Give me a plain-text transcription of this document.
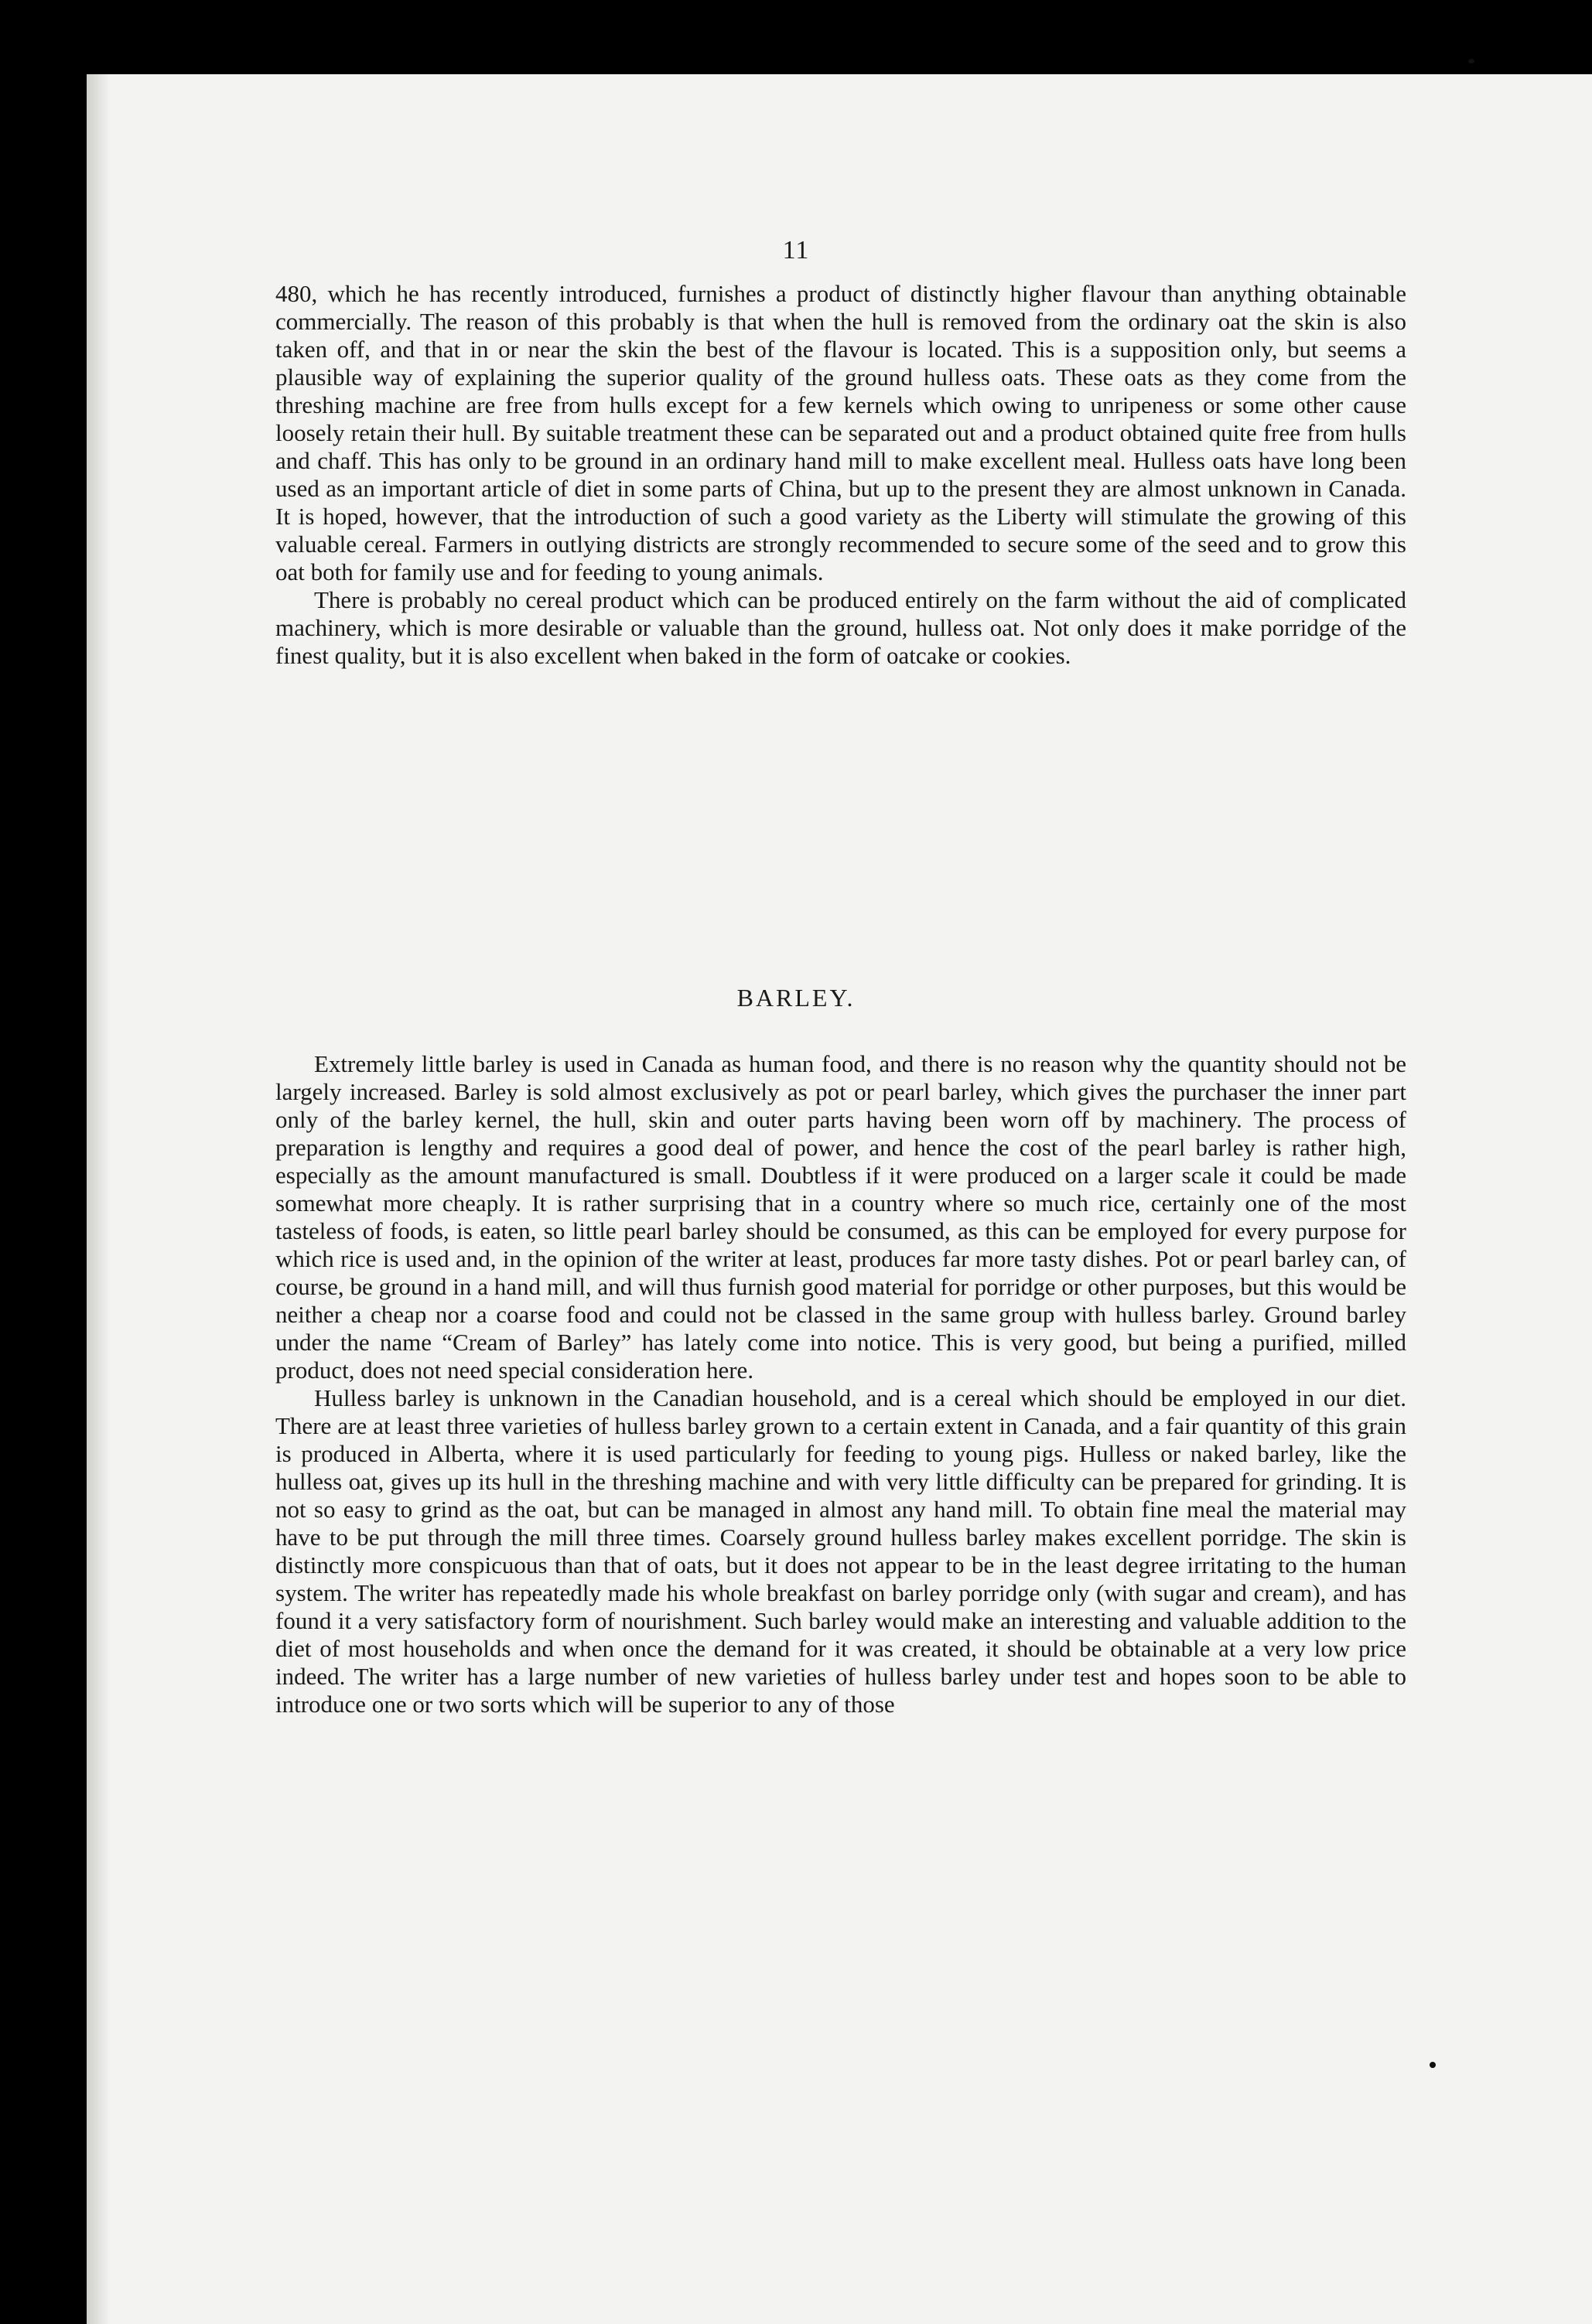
11

480, which he has recently introduced, furnishes a product of distinctly higher flavour than anything obtainable commercially. The reason of this probably is that when the hull is removed from the ordinary oat the skin is also taken off, and that in or near the skin the best of the flavour is located. This is a supposition only, but seems a plausible way of explaining the superior quality of the ground hulless oats. These oats as they come from the threshing machine are free from hulls except for a few kernels which owing to unripeness or some other cause loosely retain their hull. By suitable treatment these can be separated out and a product obtained quite free from hulls and chaff. This has only to be ground in an ordinary hand mill to make excellent meal. Hulless oats have long been used as an important article of diet in some parts of China, but up to the present they are almost unknown in Canada. It is hoped, however, that the introduction of such a good variety as the Liberty will stimulate the growing of this valuable cereal. Farmers in outlying districts are strongly recommended to secure some of the seed and to grow this oat both for family use and for feeding to young animals.

There is probably no cereal product which can be produced entirely on the farm without the aid of complicated machinery, which is more desirable or valuable than the ground, hulless oat. Not only does it make porridge of the finest quality, but it is also excellent when baked in the form of oatcake or cookies.

BARLEY.

Extremely little barley is used in Canada as human food, and there is no reason why the quantity should not be largely increased. Barley is sold almost exclusively as pot or pearl barley, which gives the purchaser the inner part only of the barley kernel, the hull, skin and outer parts having been worn off by machinery. The process of preparation is lengthy and requires a good deal of power, and hence the cost of the pearl barley is rather high, especially as the amount manufactured is small. Doubtless if it were produced on a larger scale it could be made somewhat more cheaply. It is rather surprising that in a country where so much rice, certainly one of the most tasteless of foods, is eaten, so little pearl barley should be consumed, as this can be employed for every purpose for which rice is used and, in the opinion of the writer at least, produces far more tasty dishes. Pot or pearl barley can, of course, be ground in a hand mill, and will thus furnish good material for porridge or other purposes, but this would be neither a cheap nor a coarse food and could not be classed in the same group with hulless barley. Ground barley under the name “Cream of Barley” has lately come into notice. This is very good, but being a purified, milled product, does not need special consideration here.

Hulless barley is unknown in the Canadian household, and is a cereal which should be employed in our diet. There are at least three varieties of hulless barley grown to a certain extent in Canada, and a fair quantity of this grain is produced in Alberta, where it is used particularly for feeding to young pigs. Hulless or naked barley, like the hulless oat, gives up its hull in the threshing machine and with very little difficulty can be prepared for grinding. It is not so easy to grind as the oat, but can be managed in almost any hand mill. To obtain fine meal the material may have to be put through the mill three times. Coarsely ground hulless barley makes excellent porridge. The skin is distinctly more conspicuous than that of oats, but it does not appear to be in the least degree irritating to the human system. The writer has repeatedly made his whole breakfast on barley porridge only (with sugar and cream), and has found it a very satisfactory form of nourishment. Such barley would make an interesting and valuable addition to the diet of most households and when once the demand for it was created, it should be obtainable at a very low price indeed. The writer has a large number of new varieties of hulless barley under test and hopes soon to be able to introduce one or two sorts which will be superior to any of those
